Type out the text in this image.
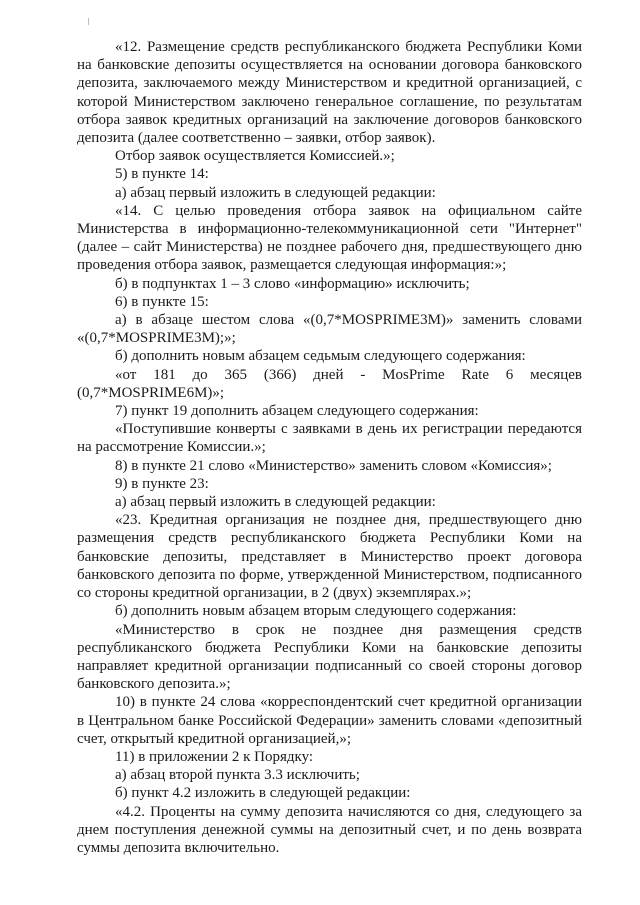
«12. Размещение средств республиканского бюджета Республики Коми на банковские депозиты осуществляется на основании договора банковского депозита, заключаемого между Министерством и кредитной организацией, с которой Министерством заключено генеральное соглашение, по результатам отбора заявок кредитных организаций на заключение договоров банковского депозита (далее соответственно – заявки, отбор заявок).

Отбор заявок осуществляется Комиссией.»;

5) в пункте 14:

а) абзац первый изложить в следующей редакции:

«14. С целью проведения отбора заявок на официальном сайте Министерства в информационно-телекоммуникационной сети "Интернет" (далее – сайт Министерства) не позднее рабочего дня, предшествующего дню проведения отбора заявок, размещается следующая информация:»;

б) в подпунктах 1 – 3 слово «информацию» исключить;

6) в пункте 15:

а) в абзаце шестом слова «(0,7*MOSPRIME3M)» заменить словами «(0,7*MOSPRIME3M);»;

б) дополнить новым абзацем седьмым следующего содержания:

«от 181 до 365 (366) дней - MosPrime Rate 6 месяцев (0,7*MOSPRIME6M)»;

7) пункт 19 дополнить абзацем следующего содержания:

«Поступившие конверты с заявками в день их регистрации передаются на рассмотрение Комиссии.»;

8) в пункте 21 слово «Министерство» заменить словом «Комиссия»;

9) в пункте 23:

а) абзац первый изложить в следующей редакции:

«23. Кредитная организация не позднее дня, предшествующего дню размещения средств республиканского бюджета Республики Коми на банковские депозиты, представляет в Министерство проект договора банковского депозита по форме, утвержденной Министерством, подписанного со стороны кредитной организации, в 2 (двух) экземплярах.»;

б) дополнить новым абзацем вторым следующего содержания:

«Министерство в срок не позднее дня размещения средств республиканского бюджета Республики Коми на банковские депозиты направляет кредитной организации подписанный со своей стороны договор банковского депозита.»;

10) в пункте 24 слова «корреспондентский счет кредитной организации в Центральном банке Российской Федерации» заменить словами «депозитный счет, открытый кредитной организацией,»;

11) в приложении 2 к Порядку:

а) абзац второй пункта 3.3 исключить;

б) пункт 4.2 изложить в следующей редакции:

«4.2. Проценты на сумму депозита начисляются со дня, следующего за днем поступления денежной суммы на депозитный счет, и по день возврата суммы депозита включительно.
